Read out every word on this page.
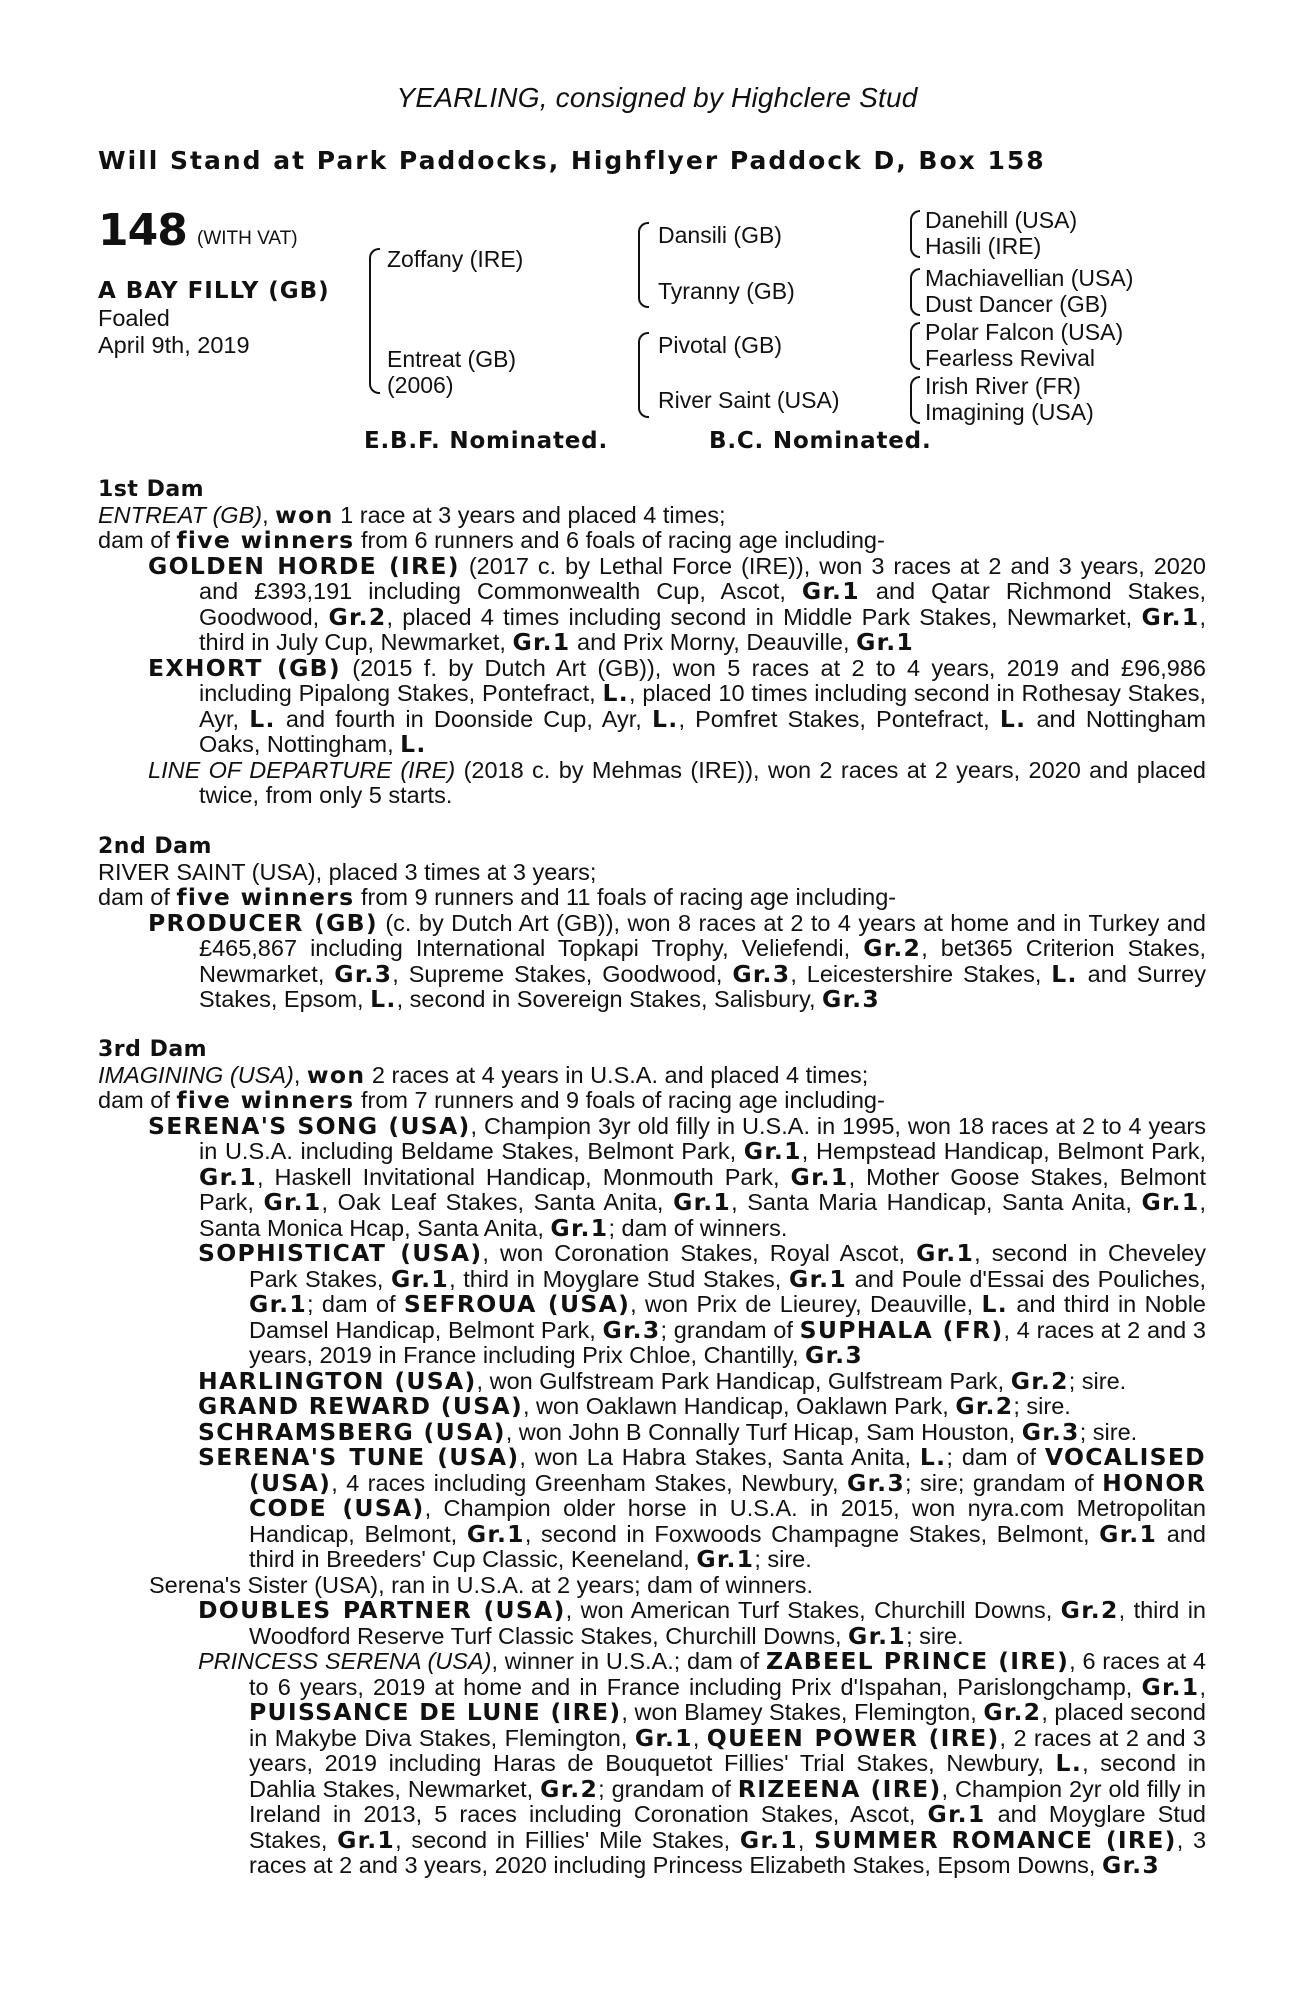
YEARLING, consigned by Highclere Stud
Will Stand at Park Paddocks, Highflyer Paddock D, Box 158
148 (WITH VAT)
A BAY FILLY (GB)
Foaled
April 9th, 2019
Zoffany (IRE)
Entreat (GB)
(2006)
Dansili (GB)
Tyranny (GB)
Pivotal (GB)
River Saint (USA)
Danehill (USA)
Hasili (IRE)
Machiavellian (USA)
Dust Dancer (GB)
Polar Falcon (USA)
Fearless Revival
Irish River (FR)
Imagining (USA)
E.B.F. Nominated.	B.C. Nominated.
1st Dam
ENTREAT (GB), won 1 race at 3 years and placed 4 times;
dam of five winners from 6 runners and 6 foals of racing age including-
GOLDEN HORDE (IRE) (2017 c. by Lethal Force (IRE)), won 3 races at 2 and 3 years, 2020 and £393,191 including Commonwealth Cup, Ascot, Gr.1 and Qatar Richmond Stakes, Goodwood, Gr.2, placed 4 times including second in Middle Park Stakes, Newmarket, Gr.1, third in July Cup, Newmarket, Gr.1 and Prix Morny, Deauville, Gr.1
EXHORT (GB) (2015 f. by Dutch Art (GB)), won 5 races at 2 to 4 years, 2019 and £96,986 including Pipalong Stakes, Pontefract, L., placed 10 times including second in Rothesay Stakes, Ayr, L. and fourth in Doonside Cup, Ayr, L., Pomfret Stakes, Pontefract, L. and Nottingham Oaks, Nottingham, L.
LINE OF DEPARTURE (IRE) (2018 c. by Mehmas (IRE)), won 2 races at 2 years, 2020 and placed twice, from only 5 starts.
2nd Dam
RIVER SAINT (USA), placed 3 times at 3 years;
dam of five winners from 9 runners and 11 foals of racing age including-
PRODUCER (GB) (c. by Dutch Art (GB)), won 8 races at 2 to 4 years at home and in Turkey and £465,867 including International Topkapi Trophy, Veliefendi, Gr.2, bet365 Criterion Stakes, Newmarket, Gr.3, Supreme Stakes, Goodwood, Gr.3, Leicestershire Stakes, L. and Surrey Stakes, Epsom, L., second in Sovereign Stakes, Salisbury, Gr.3
3rd Dam
IMAGINING (USA), won 2 races at 4 years in U.S.A. and placed 4 times;
dam of five winners from 7 runners and 9 foals of racing age including-
SERENA'S SONG (USA), Champion 3yr old filly in U.S.A. in 1995, won 18 races at 2 to 4 years in U.S.A. including Beldame Stakes, Belmont Park, Gr.1, Hempstead Handicap, Belmont Park, Gr.1, Haskell Invitational Handicap, Monmouth Park, Gr.1, Mother Goose Stakes, Belmont Park, Gr.1, Oak Leaf Stakes, Santa Anita, Gr.1, Santa Maria Handicap, Santa Anita, Gr.1, Santa Monica Hcap, Santa Anita, Gr.1; dam of winners.
SOPHISTICAT (USA), won Coronation Stakes, Royal Ascot, Gr.1, second in Cheveley Park Stakes, Gr.1, third in Moyglare Stud Stakes, Gr.1 and Poule d'Essai des Pouliches, Gr.1; dam of SEFROUA (USA), won Prix de Lieurey, Deauville, L. and third in Noble Damsel Handicap, Belmont Park, Gr.3; grandam of SUPHALA (FR), 4 races at 2 and 3 years, 2019 in France including Prix Chloe, Chantilly, Gr.3
HARLINGTON (USA), won Gulfstream Park Handicap, Gulfstream Park, Gr.2; sire.
GRAND REWARD (USA), won Oaklawn Handicap, Oaklawn Park, Gr.2; sire.
SCHRAMSBERG (USA), won John B Connally Turf Hicap, Sam Houston, Gr.3; sire.
SERENA'S TUNE (USA), won La Habra Stakes, Santa Anita, L.; dam of VOCALISED (USA), 4 races including Greenham Stakes, Newbury, Gr.3; sire; grandam of HONOR CODE (USA), Champion older horse in U.S.A. in 2015, won nyra.com Metropolitan Handicap, Belmont, Gr.1, second in Foxwoods Champagne Stakes, Belmont, Gr.1 and third in Breeders' Cup Classic, Keeneland, Gr.1; sire.
Serena's Sister (USA), ran in U.S.A. at 2 years; dam of winners.
DOUBLES PARTNER (USA), won American Turf Stakes, Churchill Downs, Gr.2, third in Woodford Reserve Turf Classic Stakes, Churchill Downs, Gr.1; sire.
PRINCESS SERENA (USA), winner in U.S.A.; dam of ZABEEL PRINCE (IRE), 6 races at 4 to 6 years, 2019 at home and in France including Prix d'Ispahan, Parislongchamp, Gr.1, PUISSANCE DE LUNE (IRE), won Blamey Stakes, Flemington, Gr.2, placed second in Makybe Diva Stakes, Flemington, Gr.1, QUEEN POWER (IRE), 2 races at 2 and 3 years, 2019 including Haras de Bouquetot Fillies' Trial Stakes, Newbury, L., second in Dahlia Stakes, Newmarket, Gr.2; grandam of RIZEENA (IRE), Champion 2yr old filly in Ireland in 2013, 5 races including Coronation Stakes, Ascot, Gr.1 and Moyglare Stud Stakes, Gr.1, second in Fillies' Mile Stakes, Gr.1, SUMMER ROMANCE (IRE), 3 races at 2 and 3 years, 2020 including Princess Elizabeth Stakes, Epsom Downs, Gr.3
